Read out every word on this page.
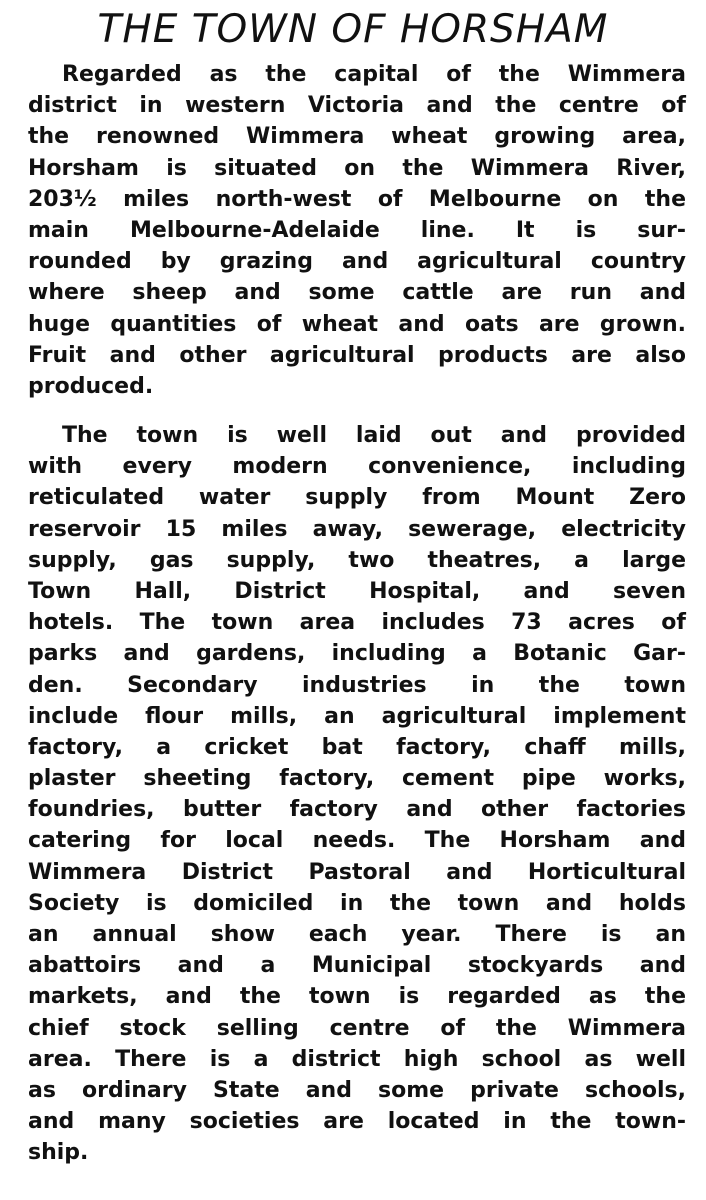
THE TOWN OF HORSHAM
Regarded as the capital of the Wimmera
district in western Victoria and the centre of
the renowned Wimmera wheat growing area,
Horsham is situated on the Wimmera River,
203½ miles north-west of Melbourne on the
main Melbourne-Adelaide line. It is sur-
rounded by grazing and agricultural country
where sheep and some cattle are run and
huge quantities of wheat and oats are grown.
Fruit and other agricultural products are also
produced.
The town is well laid out and provided
with every modern convenience, including
reticulated water supply from Mount Zero
reservoir 15 miles away, sewerage, electricity
supply, gas supply, two theatres, a large
Town Hall, District Hospital, and seven
hotels. The town area includes 73 acres of
parks and gardens, including a Botanic Gar-
den. Secondary industries in the town
include flour mills, an agricultural implement
factory, a cricket bat factory, chaff mills,
plaster sheeting factory, cement pipe works,
foundries, butter factory and other factories
catering for local needs. The Horsham and
Wimmera District Pastoral and Horticultural
Society is domiciled in the town and holds
an annual show each year. There is an
abattoirs and a Municipal stockyards and
markets, and the town is regarded as the
chief stock selling centre of the Wimmera
area. There is a district high school as well
as ordinary State and some private schools,
and many societies are located in the town-
ship.
